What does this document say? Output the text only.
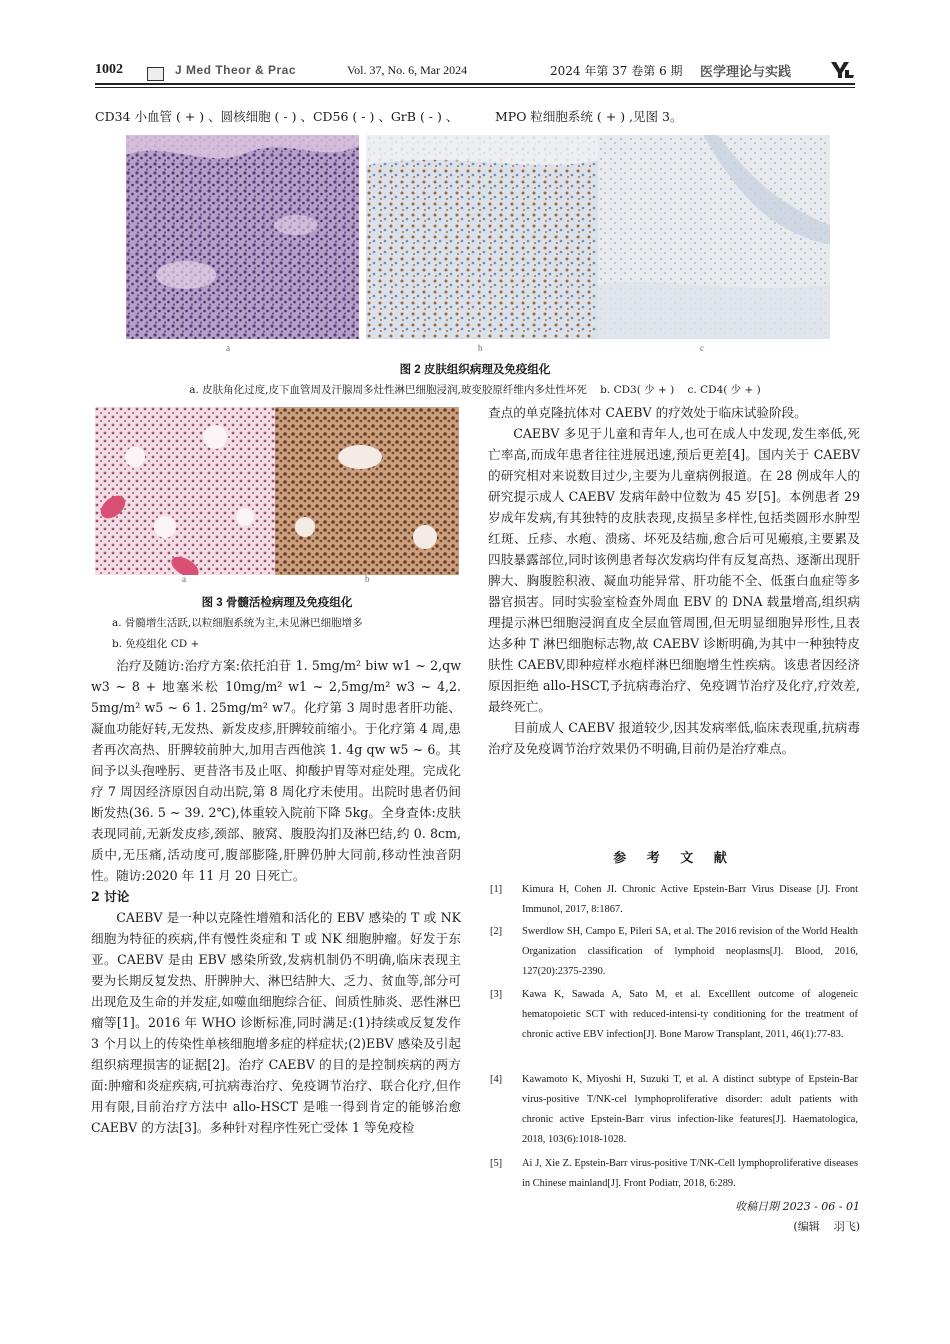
1002	J Med Theor & Prac	Vol. 37, No. 6, Mar 2024	2024 年第 37 卷第 6 期 医学理论与实践
CD34 小血管 ( + ) 、圆核细胞 ( - ) 、CD56 ( - ) 、GrB ( - ) 、	MPO 粒细胞系统 ( + ) ,见图 3。
a	b	c
图 2 皮肤组织病理及免疫组化
a. 皮肤角化过度,皮下血管周及汗腺周多灶性淋巴细胞浸润,玻变胶原纤维内多灶性坏死    b. CD3( 少 + )    c. CD4( 少 + )
a	b
图 3 骨髓活检病理及免疫组化
a. 骨髓增生活跃,以粒细胞系统为主,未见淋巴细胞增多
b. 免疫组化 CD +

治疗及随访:治疗方案:依托泊苷 1. 5mg/m² biw w1 ~ 2,qw w3 ~ 8 + 地塞米松 10mg/m² w1 ~ 2,5mg/m² w3 ~ 4,2. 5mg/m² w5 ~ 6 1. 25mg/m² w7。化疗第 3 周时患者肝功能、凝血功能好转,无发热、新发皮疹,肝脾较前缩小。于化疗第 4 周,患者再次高热、肝脾较前肿大,加用吉西他滨 1. 4g qw w5 ~ 6。其间予以头孢唑肟、更昔洛韦及止呕、抑酸护胃等对症处理。完成化疗 7 周因经济原因自动出院,第 8 周化疗未使用。出院时患者仍间断发热(36. 5 ~ 39. 2℃),体重较入院前下降 5kg。全身查体:皮肤表现同前,无新发皮疹,颈部、腋窝、腹股沟扪及淋巴结,约 0. 8cm,质中,无压痛,活动度可,腹部膨隆,肝脾仍肿大同前,移动性浊音阴性。随访:2020 年 11 月 20 日死亡。

2 讨论

CAEBV 是一种以克隆性增殖和活化的 EBV 感染的 T 或 NK 细胞为特征的疾病,伴有慢性炎症和 T 或 NK 细胞肿瘤。好发于东亚。CAEBV 是由 EBV 感染所致,发病机制仍不明确,临床表现主要为长期反复发热、肝脾肿大、淋巴结肿大、乏力、贫血等,部分可出现危及生命的并发症,如噬血细胞综合征、间质性肺炎、恶性淋巴瘤等[1]。2016 年 WHO 诊断标准,同时满足:(1)持续或反复发作 3 个月以上的传染性单核细胞增多症的样症状;(2)EBV 感染及引起组织病理损害的证据[2]。治疗 CAEBV 的目的是控制疾病的两方面:肿瘤和炎症疾病,可抗病毒治疗、免疫调节治疗、联合化疗,但作用有限,目前治疗方法中 allo-HSCT 是唯一得到肯定的能够治愈 CAEBV 的方法[3]。多种针对程序性死亡受体 1 等免疫检

查点的单克隆抗体对 CAEBV 的疗效处于临床试验阶段。

CAEBV 多见于儿童和青年人,也可在成人中发现,发生率低,死亡率高,而成年患者往往进展迅速,预后更差[4]。国内关于 CAEBV 的研究相对来说数目过少,主要为儿童病例报道。在 28 例成年人的研究提示成人 CAEBV 发病年龄中位数为 45 岁[5]。本例患者 29 岁成年发病,有其独特的皮肤表现,皮损呈多样性,包括类圆形水肿型红斑、丘疹、水疱、溃疡、坏死及结痂,愈合后可见瘢痕,主要累及四肢暴露部位,同时该例患者每次发病均伴有反复高热、逐渐出现肝脾大、胸腹腔积液、凝血功能异常、肝功能不全、低蛋白血症等多器官损害。同时实验室检查外周血 EBV 的 DNA 载量增高,组织病理提示淋巴细胞浸润直皮全层血管周围,但无明显细胞异形性,且表达多种 T 淋巴细胞标志物,故 CAEBV 诊断明确,为其中一种独特皮肤性 CAEBV,即种痘样水疱样淋巴细胞增生性疾病。该患者因经济原因拒绝 allo-HSCT,予抗病毒治疗、免疫调节治疗及化疗,疗效差,最终死亡。

目前成人 CAEBV 报道较少,因其发病率低,临床表现重,抗病毒治疗及免疫调节治疗效果仍不明确,目前仍是治疗难点。

参 考 文 献
[1] Kimura H, Cohen JI. Chronic Active Epstein-Barr Virus Disease [J]. Front Immunol, 2017, 8:1867.
[2] Swerdlow SH, Campo E, Pileri SA, et al. The 2016 revision of the World Health Organization classification of lymphoid neoplasms[J]. Blood, 2016, 127(20):2375-2390.
[3] Kawa K, Sawada A, Sato M, et al. Excelllent outcome of alogeneic hematopoietic SCT with reduced-intensi-ty conditioning for the treatment of chronic active EBV infection[J]. Bone Marow Transplant, 2011, 46(1):77-83.
[4] Kawamoto K, Miyoshi H, Suzuki T, et al. A distinct subtype of Epstein-Bar virus-positive T/NK-cel lymphoproliferative disorder: adult patients with chronic active Epstein-Barr virus infection-like features[J]. Haematologica, 2018, 103(6):1018-1028.
[5] Ai J, Xie Z. Epstein-Barr virus-positive T/NK-Cell lymphoproliferative diseases in Chinese mainland[J]. Front Podiatr, 2018, 6:289.
收稿日期 2023 - 06 - 01
(编辑    羽飞)
